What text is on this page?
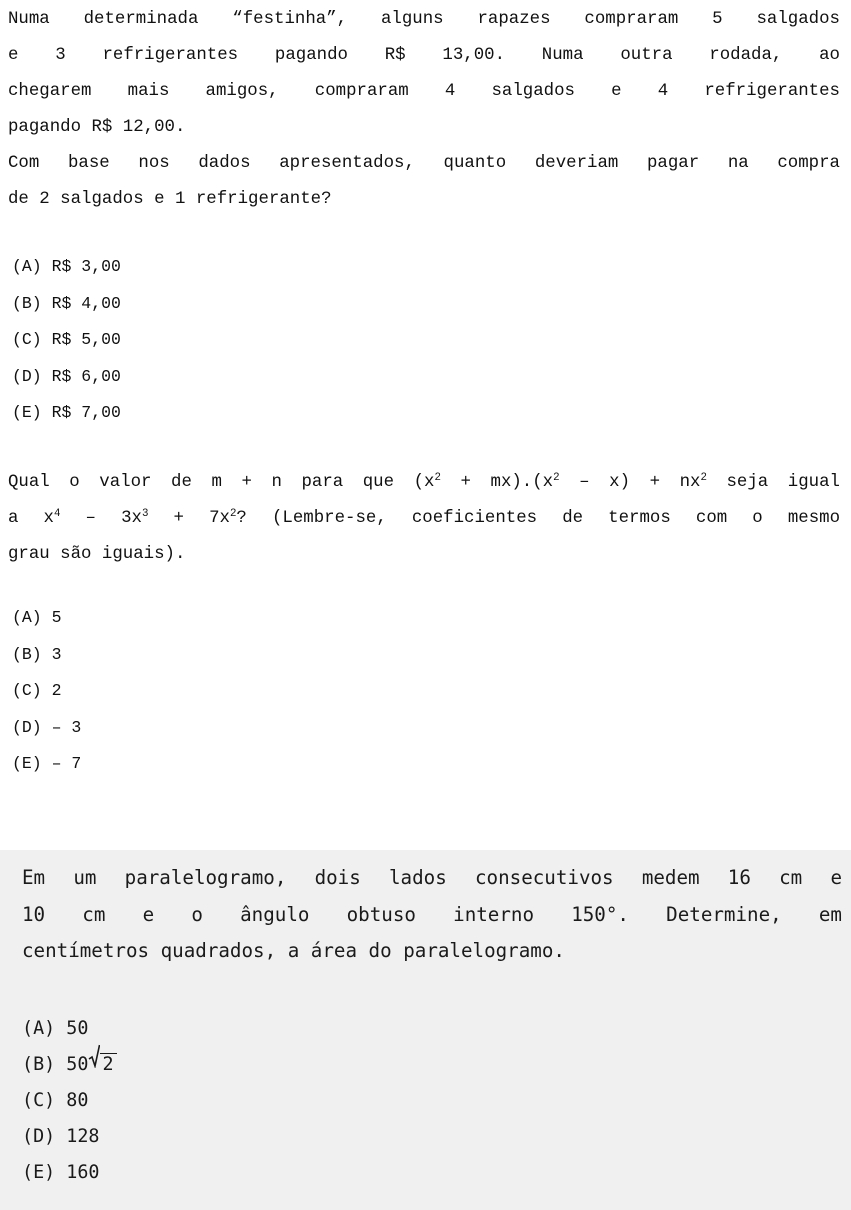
Numa determinada “festinha”, alguns rapazes compraram 5 salgados
e 3 refrigerantes pagando R$ 13,00. Numa outra rodada, ao
chegarem mais amigos, compraram 4 salgados e 4 refrigerantes

pagando R$ 12,00.

Com base nos dados apresentados, quanto deveriam pagar na compra

de 2 salgados e 1 refrigerante?

(A) R$ 3,00
(B) R$ 4,00
(C) R$ 5,00
(D) R$ 6,00
(E) R$ 7,00

Qual o valor de m + n para que $(x^2 + mx).(x^2 - x) + nx^2$ seja igual

a $x^4 - 3x^3 + 7x^2$? (Lembre-se, coeficientes de termos com o mesmo

grau são iguais).

(A) 5
(B) 3
(C) 2
(D) – 3
(E) – 7

Em um paralelogramo, dois lados consecutivos medem 16 cm e
10 cm e o ângulo obtuso interno 150°. Determine, em

centímetros quadrados, a área do paralelogramo.

(A) 50
(B) 50 2
(C) 80
(D) 128
(E) 160
